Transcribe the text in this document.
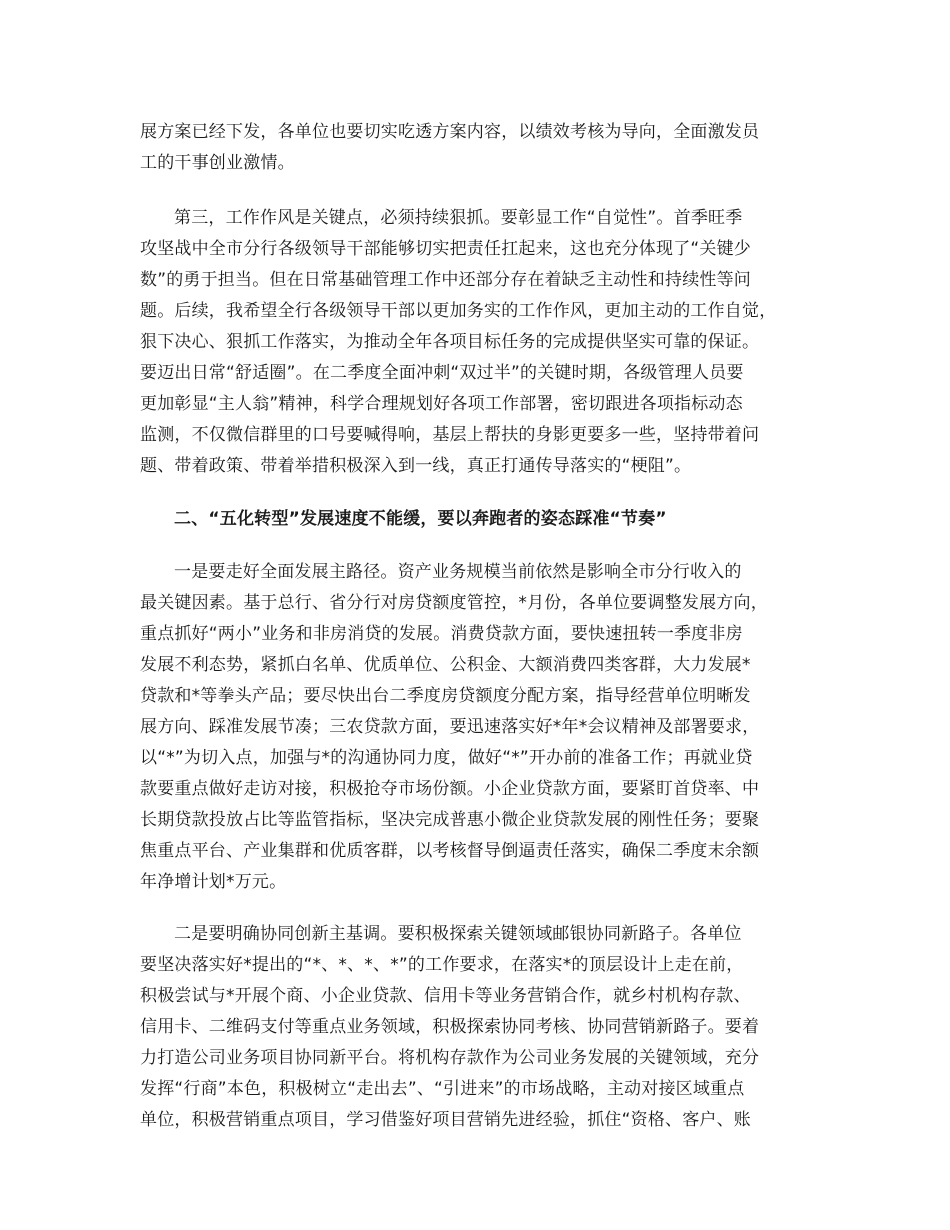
展方案已经下发，各单位也要切实吃透方案内容，以绩效考核为导向，全面激发员
工的干事创业激情。
第三，工作作风是关键点，必须持续狠抓。要彰显工作“自觉性”。首季旺季
攻坚战中全市分行各级领导干部能够切实把责任扛起来，这也充分体现了“关键少
数”的勇于担当。但在日常基础管理工作中还部分存在着缺乏主动性和持续性等问
题。后续，我希望全行各级领导干部以更加务实的工作作风，更加主动的工作自觉，
狠下决心、狠抓工作落实，为推动全年各项目标任务的完成提供坚实可靠的保证。
要迈出日常“舒适圈”。在二季度全面冲刺“双过半”的关键时期，各级管理人员要
更加彰显“主人翁”精神，科学合理规划好各项工作部署，密切跟进各项指标动态
监测，不仅微信群里的口号要喊得响，基层上帮扶的身影更要多一些，坚持带着问
题、带着政策、带着举措积极深入到一线，真正打通传导落实的“梗阻”。
二、“五化转型”发展速度不能缓，要以奔跑者的姿态踩准“节奏”
一是要走好全面发展主路径。资产业务规模当前依然是影响全市分行收入的
最关键因素。基于总行、省分行对房贷额度管控，*月份，各单位要调整发展方向，
重点抓好“两小”业务和非房消贷的发展。消费贷款方面，要快速扭转一季度非房
发展不利态势，紧抓白名单、优质单位、公积金、大额消费四类客群，大力发展*
贷款和*等拳头产品；要尽快出台二季度房贷额度分配方案，指导经营单位明晰发
展方向、踩准发展节凑；三农贷款方面，要迅速落实好*年*会议精神及部署要求，
以“*”为切入点，加强与*的沟通协同力度，做好“*”开办前的准备工作；再就业贷
款要重点做好走访对接，积极抢夺市场份额。小企业贷款方面，要紧盯首贷率、中
长期贷款投放占比等监管指标，坚决完成普惠小微企业贷款发展的刚性任务；要聚
焦重点平台、产业集群和优质客群，以考核督导倒逼责任落实，确保二季度末余额
年净增计划*万元。
二是要明确协同创新主基调。要积极探索关键领域邮银协同新路子。各单位
要坚决落实好*提出的“*、*、*、*”的工作要求，在落实*的顶层设计上走在前，
积极尝试与*开展个商、小企业贷款、信用卡等业务营销合作，就乡村机构存款、
信用卡、二维码支付等重点业务领域，积极探索协同考核、协同营销新路子。要着
力打造公司业务项目协同新平台。将机构存款作为公司业务发展的关键领域，充分
发挥“行商”本色，积极树立“走出去”、“引进来”的市场战略，主动对接区域重点
单位，积极营销重点项目，学习借鉴好项目营销先进经验，抓住“资格、客户、账
